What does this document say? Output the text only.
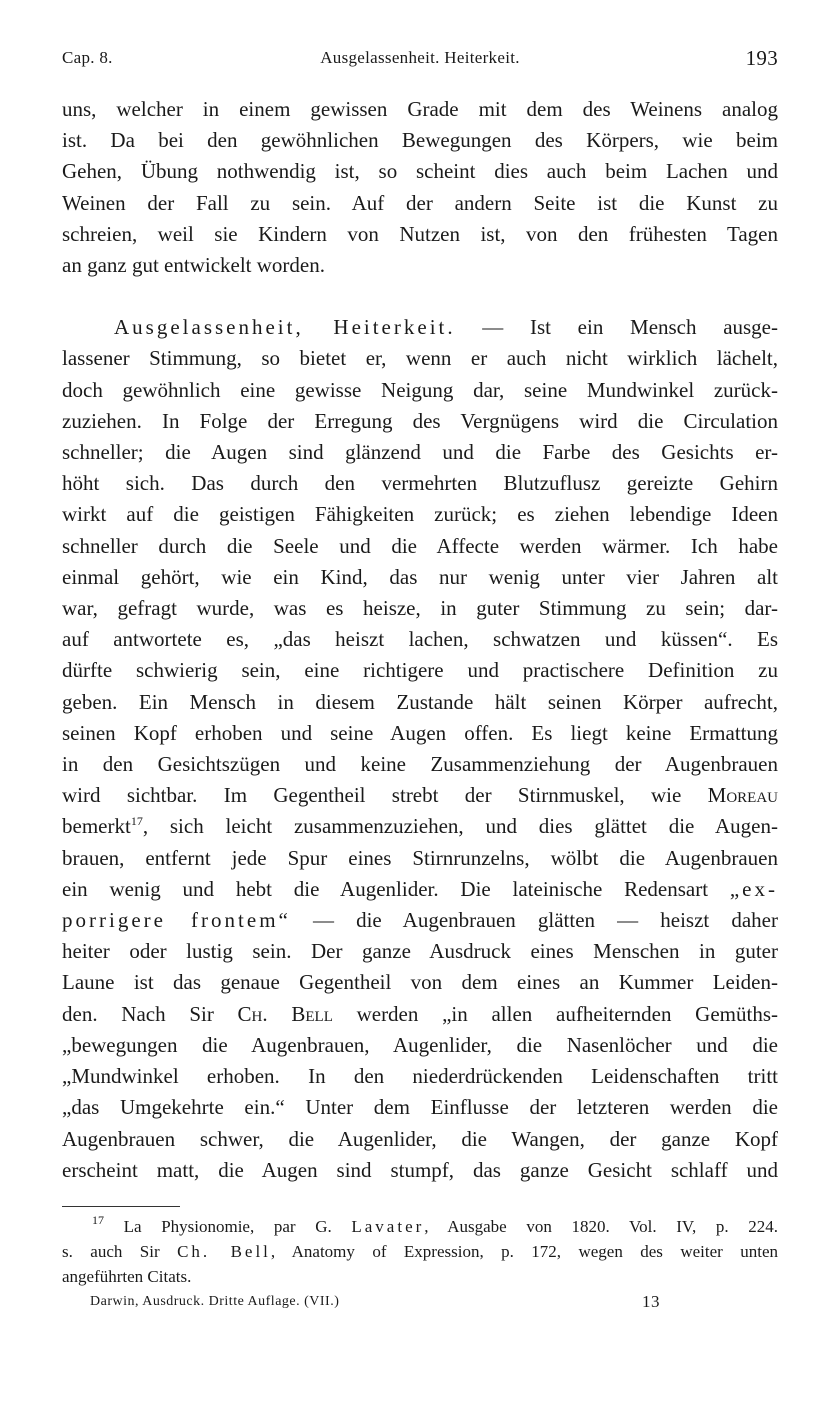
Cap. 8.	Ausgelassenheit. Heiterkeit.	193
uns, welcher in einem gewissen Grade mit dem des Weinens analog
ist. Da bei den gewöhnlichen Bewegungen des Körpers, wie beim
Gehen, Übung nothwendig ist, so scheint dies auch beim Lachen und
Weinen der Fall zu sein. Auf der andern Seite ist die Kunst zu
schreien, weil sie Kindern von Nutzen ist, von den frühesten Tagen
an ganz gut entwickelt worden.
Ausgelassenheit, Heiterkeit. — Ist ein Mensch ausge-
lassener Stimmung, so bietet er, wenn er auch nicht wirklich lächelt,
doch gewöhnlich eine gewisse Neigung dar, seine Mundwinkel zurück-
zuziehen. In Folge der Erregung des Vergnügens wird die Circulation
schneller; die Augen sind glänzend und die Farbe des Gesichts er-
höht sich. Das durch den vermehrten Blutzuflusz gereizte Gehirn
wirkt auf die geistigen Fähigkeiten zurück; es ziehen lebendige Ideen
schneller durch die Seele und die Affecte werden wärmer. Ich habe
einmal gehört, wie ein Kind, das nur wenig unter vier Jahren alt
war, gefragt wurde, was es heisze, in guter Stimmung zu sein; dar-
auf antwortete es, „das heiszt lachen, schwatzen und küssen“. Es
dürfte schwierig sein, eine richtigere und practischere Definition zu
geben. Ein Mensch in diesem Zustande hält seinen Körper aufrecht,
seinen Kopf erhoben und seine Augen offen. Es liegt keine Ermattung
in den Gesichtszügen und keine Zusammenziehung der Augenbrauen
wird sichtbar. Im Gegentheil strebt der Stirnmuskel, wie Moreau
bemerkt$^{17}$, sich leicht zusammenzuziehen, und dies glättet die Augen-
brauen, entfernt jede Spur eines Stirnrunzelns, wölbt die Augenbrauen
ein wenig und hebt die Augenlider. Die lateinische Redensart „ex-
porrigere frontem“ — die Augenbrauen glätten — heiszt daher
heiter oder lustig sein. Der ganze Ausdruck eines Menschen in guter
Laune ist das genaue Gegentheil von dem eines an Kummer Leiden-
den. Nach Sir Ch. Bell werden „in allen aufheiternden Gemüths-
„bewegungen die Augenbrauen, Augenlider, die Nasenlöcher und die
„Mundwinkel erhoben. In den niederdrückenden Leidenschaften tritt
„das Umgekehrte ein.“ Unter dem Einflusse der letzteren werden die
Augenbrauen schwer, die Augenlider, die Wangen, der ganze Kopf
erscheint matt, die Augen sind stumpf, das ganze Gesicht schlaff und
$^{17}$ La Physionomie, par G. Lavater, Ausgabe von 1820. Vol. IV, p. 224.
s. auch Sir Ch. Bell, Anatomy of Expression, p. 172, wegen des weiter unten
angeführten Citats.
Darwin, Ausdruck. Dritte Auflage. (VII.)	13
